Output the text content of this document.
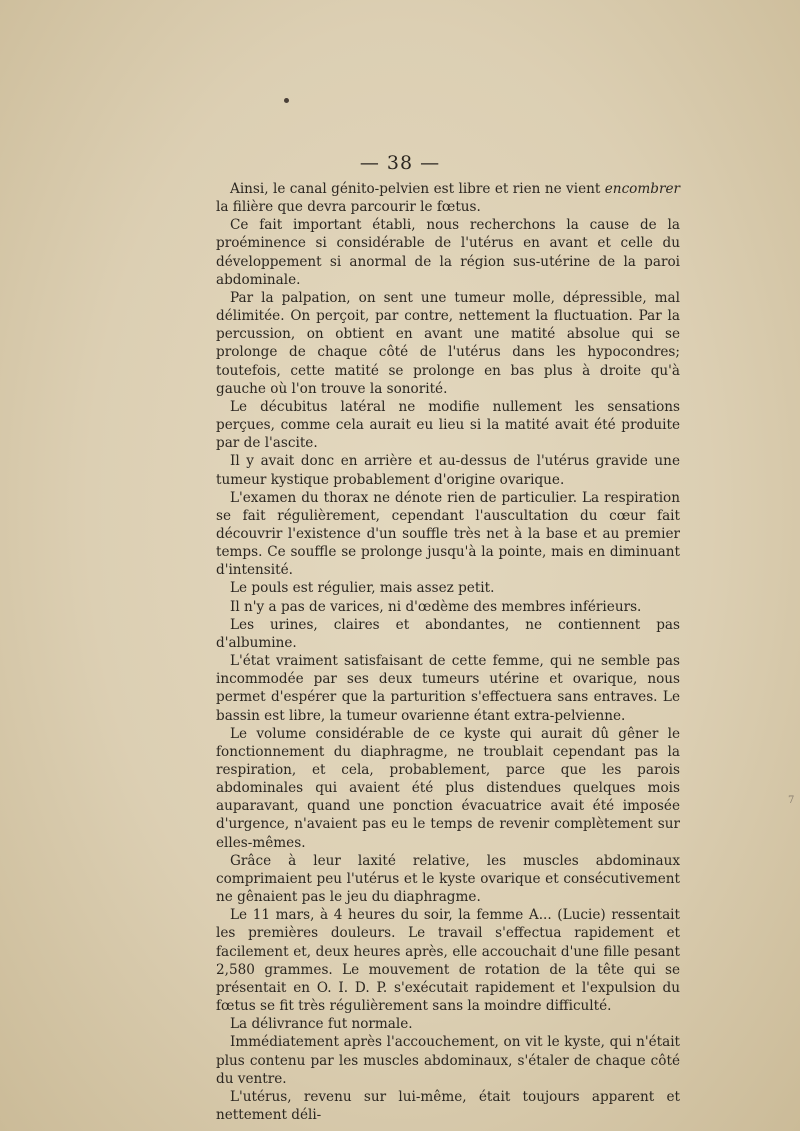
— 38 —

Ainsi, le canal génito-pelvien est libre et rien ne vient encombrer la filière que devra parcourir le fœtus.

Ce fait important établi, nous recherchons la cause de la proéminence si considérable de l'utérus en avant et celle du développement si anormal de la région sus-utérine de la paroi abdominale.

Par la palpation, on sent une tumeur molle, dépressible, mal délimitée. On perçoit, par contre, nettement la fluctuation. Par la percussion, on obtient en avant une matité absolue qui se prolonge de chaque côté de l'utérus dans les hypocondres; toutefois, cette matité se prolonge en bas plus à droite qu'à gauche où l'on trouve la sonorité.

Le décubitus latéral ne modifie nullement les sensations perçues, comme cela aurait eu lieu si la matité avait été produite par de l'ascite.

Il y avait donc en arrière et au-dessus de l'utérus gravide une tumeur kystique probablement d'origine ovarique.

L'examen du thorax ne dénote rien de particulier. La respiration se fait régulièrement, cependant l'auscultation du cœur fait découvrir l'existence d'un souffle très net à la base et au premier temps. Ce souffle se prolonge jusqu'à la pointe, mais en diminuant d'intensité.

Le pouls est régulier, mais assez petit.

Il n'y a pas de varices, ni d'œdème des membres inférieurs.

Les urines, claires et abondantes, ne contiennent pas d'albumine.

L'état vraiment satisfaisant de cette femme, qui ne semble pas incommodée par ses deux tumeurs utérine et ovarique, nous permet d'espérer que la parturition s'effectuera sans entraves. Le bassin est libre, la tumeur ovarienne étant extra-pelvienne.

Le volume considérable de ce kyste qui aurait dû gêner le fonctionnement du diaphragme, ne troublait cependant pas la respiration, et cela, probablement, parce que les parois abdominales qui avaient été plus distendues quelques mois auparavant, quand une ponction évacuatrice avait été imposée d'urgence, n'avaient pas eu le temps de revenir complètement sur elles-mêmes.

Grâce à leur laxité relative, les muscles abdominaux comprimaient peu l'utérus et le kyste ovarique et consécutivement ne gênaient pas le jeu du diaphragme.

Le 11 mars, à 4 heures du soir, la femme A... (Lucie) ressentait les premières douleurs. Le travail s'effectua rapidement et facilement et, deux heures après, elle accouchait d'une fille pesant 2,580 grammes. Le mouvement de rotation de la tête qui se présentait en O. I. D. P. s'exécutait rapidement et l'expulsion du fœtus se fit très régulièrement sans la moindre difficulté.

La délivrance fut normale.

Immédiatement après l'accouchement, on vit le kyste, qui n'était plus contenu par les muscles abdominaux, s'étaler de chaque côté du ventre.

L'utérus, revenu sur lui-même, était toujours apparent et nettement déli-

7
